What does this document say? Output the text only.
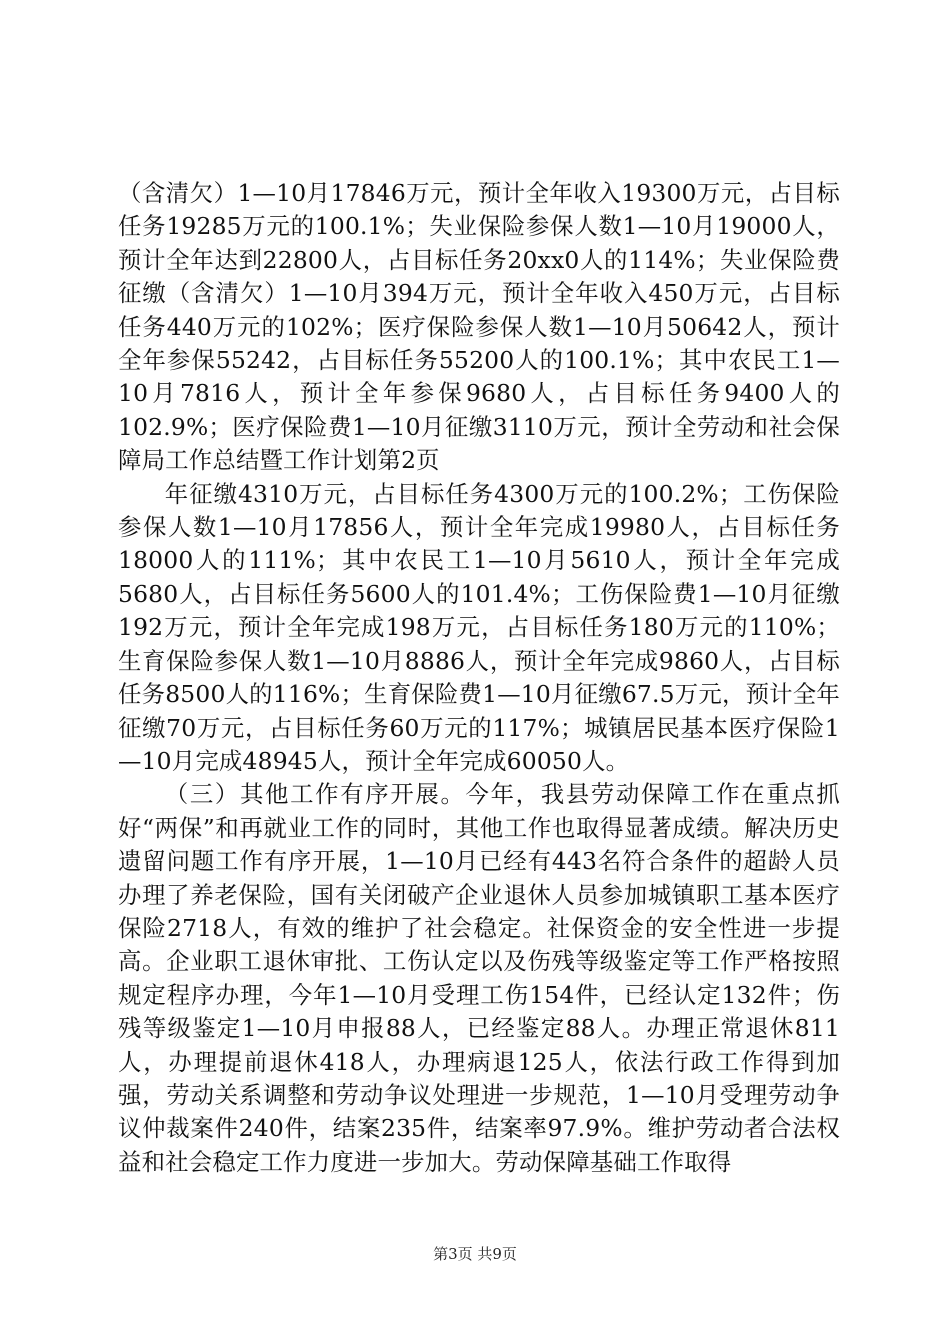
（含清欠）1—10月17846万元，预计全年收入19300万元，占目标任务19285万元的100.1%；失业保险参保人数1—10月19000人，预计全年达到22800人，占目标任务20xx0人的114%；失业保险费征缴（含清欠）1—10月394万元，预计全年收入450万元，占目标任务440万元的102%；医疗保险参保人数1—10月50642人，预计全年参保55242，占目标任务55200人的100.1%；其中农民工1—10月7816人，预计全年参保9680人，占目标任务9400人的102.9%；医疗保险费1—10月征缴3110万元，预计全劳动和社会保障局工作总结暨工作计划第2页

年征缴4310万元，占目标任务4300万元的100.2%；工伤保险参保人数1—10月17856人，预计全年完成19980人，占目标任务18000人的111%；其中农民工1—10月5610人，预计全年完成5680人，占目标任务5600人的101.4%；工伤保险费1—10月征缴192万元，预计全年完成198万元，占目标任务180万元的110%；生育保险参保人数1—10月8886人，预计全年完成9860人，占目标任务8500人的116%；生育保险费1—10月征缴67.5万元，预计全年征缴70万元，占目标任务60万元的117%；城镇居民基本医疗保险1—10月完成48945人，预计全年完成60050人。

（三）其他工作有序开展。今年，我县劳动保障工作在重点抓好“两保”和再就业工作的同时，其他工作也取得显著成绩。解决历史遗留问题工作有序开展，1—10月已经有443名符合条件的超龄人员办理了养老保险，国有关闭破产企业退休人员参加城镇职工基本医疗保险2718人，有效的维护了社会稳定。社保资金的安全性进一步提高。企业职工退休审批、工伤认定以及伤残等级鉴定等工作严格按照规定程序办理，今年1—10月受理工伤154件，已经认定132件；伤残等级鉴定1—10月申报88人，已经鉴定88人。办理正常退休811人，办理提前退休418人，办理病退125人，依法行政工作得到加强，劳动关系调整和劳动争议处理进一步规范，1—10月受理劳动争议仲裁案件240件，结案235件，结案率97.9%。维护劳动者合法权益和社会稳定工作力度进一步加大。劳动保障基础工作取得

第3页 共9页
